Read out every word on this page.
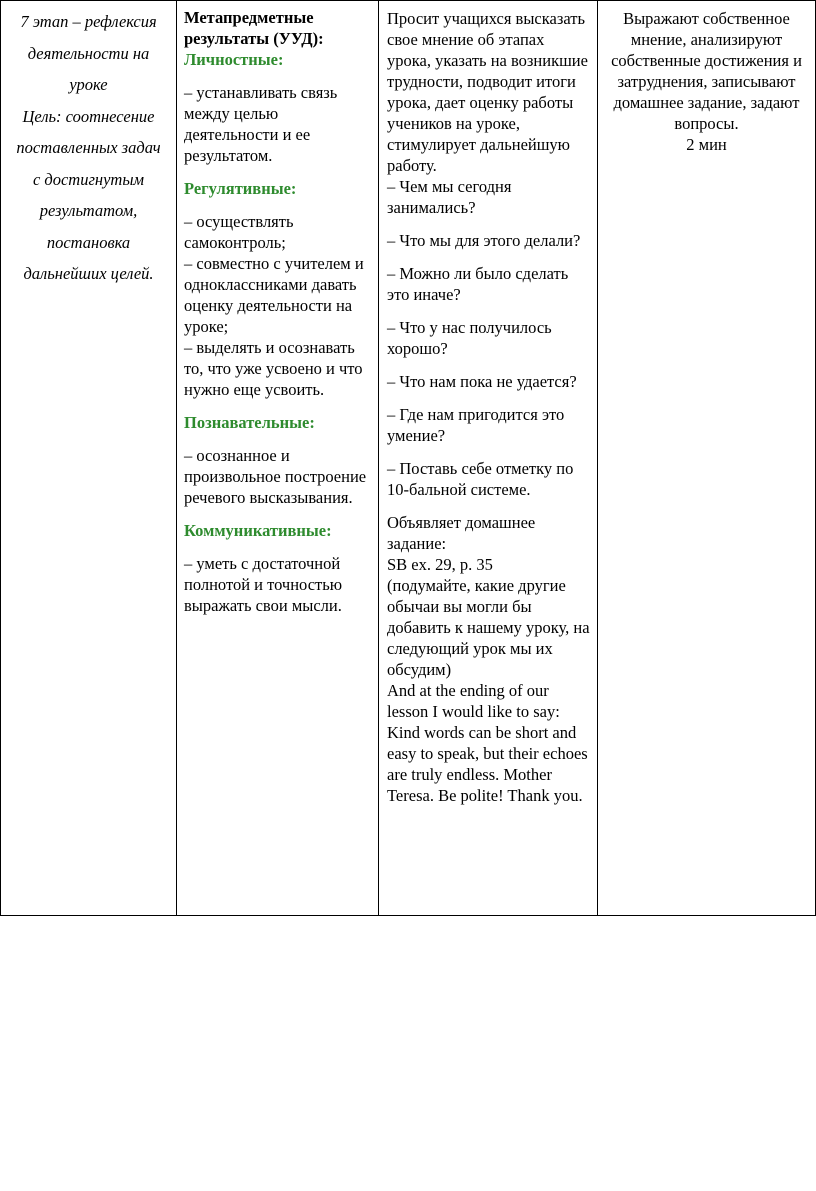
7 этап – рефлексия
деятельности на
уроке
Цель: соотнесение
поставленных задач
с достигнутым
результатом,
постановка
дальнейших целей.
Метапредметные
результаты (УУД):
Личностные:
– устанавливать связь между целью деятельности и ее результатом.
Регулятивные:
– осуществлять самоконтроль;
– совместно с учителем и одноклассниками давать оценку деятельности на уроке;
– выделять и осознавать то, что уже усвоено и что нужно еще усвоить.
Познавательные:
– осознанное и произвольное построение речевого высказывания.
Коммуникативные:
– уметь с достаточной полнотой и точностью выражать свои мысли.

Просит учащихся высказать свое мнение об этапах урока, указать на возникшие трудности, подводит итоги урока, дает оценку работы учеников на уроке, стимулирует дальнейшую работу.

– Чем мы сегодня занимались?

– Что мы для этого делали?

– Можно ли было сделать это иначе?

– Что у нас получилось хорошо?

– Что нам пока не удается?

– Где нам пригодится это умение?

– Поставь себе отметку по 10-бальной системе.

Объявляет домашнее задание:

SB ex. 29, p. 35

(подумайте, какие другие обычаи вы могли бы добавить к нашему уроку, на следующий урок мы их обсудим)

And at the ending of our lesson I would like to say: Kind words can be short and easy to speak, but their echoes are truly endless. Mother Teresa. Be polite! Thank you.

Выражают собственное мнение, анализируют собственные достижения и затруднения, записывают домашнее задание, задают вопросы.
2 мин
